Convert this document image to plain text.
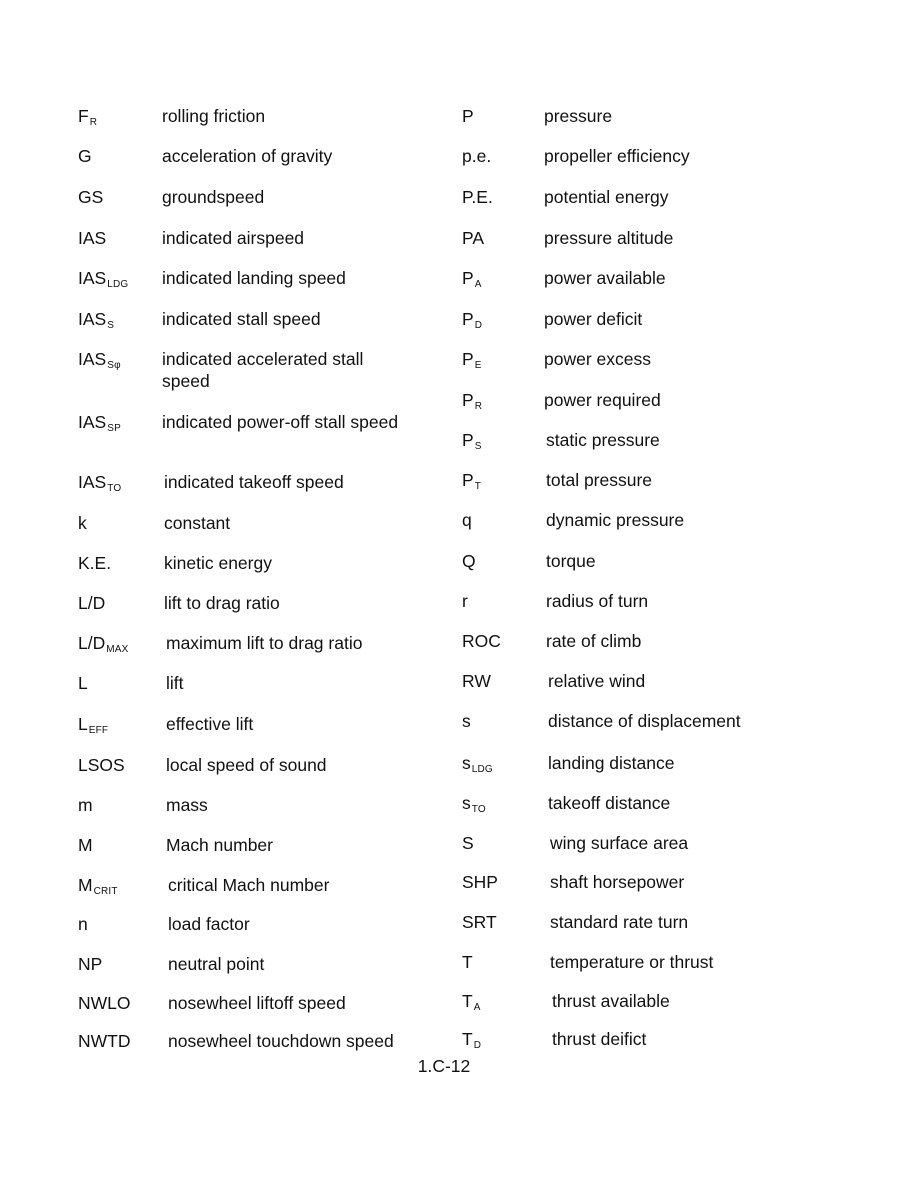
$F_R$	rolling friction
G	acceleration of gravity
GS	groundspeed
IAS	indicated airspeed
$IAS_{LDG}$	indicated landing speed
$IAS_S$	indicated stall speed
$IAS_{S\varphi}$	indicated accelerated stall speed
$IAS_{SP}$	indicated power-off stall speed
$IAS_{TO}$	indicated takeoff speed
k	constant
K.E.	kinetic energy
L/D	lift to drag ratio
$L/D_{MAX}$	maximum lift to drag ratio
L	lift
$L_{EFF}$	effective lift
LSOS	local speed of sound
m	mass
M	Mach number
$M_{CRIT}$	critical Mach number
n	load factor
NP	neutral point
NWLO	nosewheel liftoff speed
NWTD	nosewheel touchdown speed
P	pressure
p.e.	propeller efficiency
P.E.	potential energy
PA	pressure altitude
$P_A$	power available
$P_D$	power deficit
$P_E$	power excess
$P_R$	power required
$P_S$	static pressure
$P_T$	total pressure
q	dynamic pressure
Q	torque
r	radius of turn
ROC	rate of climb
RW	relative wind
s	distance of displacement
$s_{LDG}$	landing distance
$s_{TO}$	takeoff distance
S	wing surface area
SHP	shaft horsepower
SRT	standard rate turn
T	temperature or thrust
$T_A$	thrust available
$T_D$	thrust deifict
1.C-12
